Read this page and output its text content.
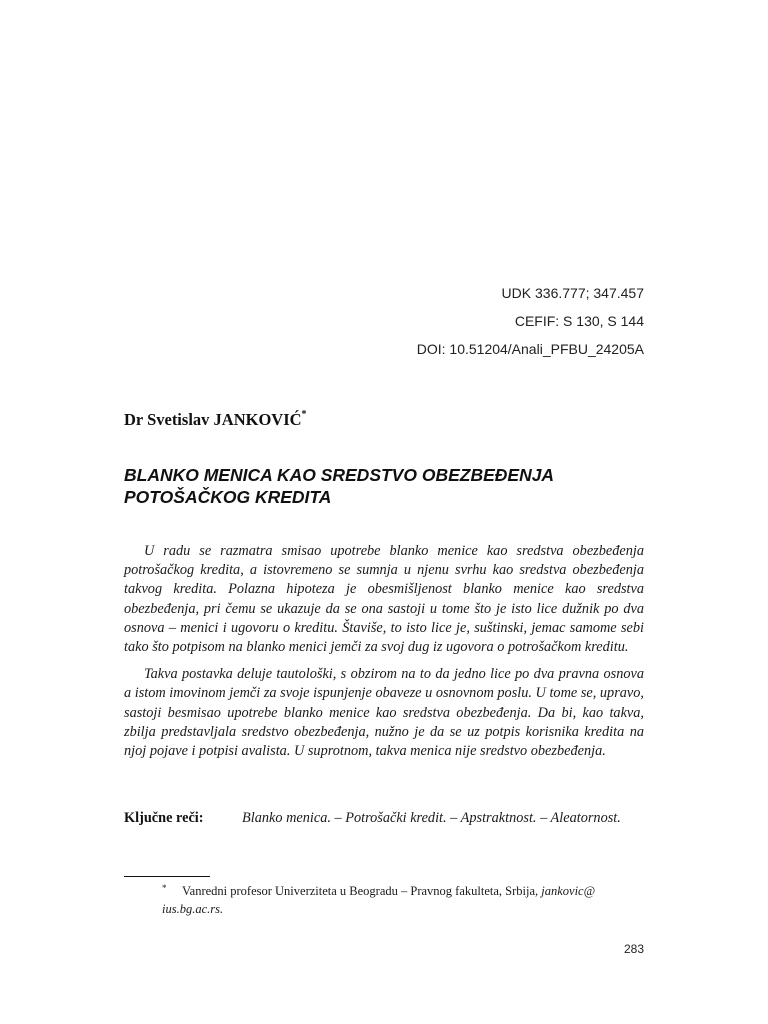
UDK 336.777; 347.457
CEFIF: S 130, S 144
DOI: 10.51204/Anali_PFBU_24205A
Dr Svetislav JANKOVIĆ*
BLANKO MENICA KAO SREDSTVO OBEZBEĐENJA
POTOŠAČKOG KREDITA

U radu se razmatra smisao upotrebe blanko menice kao sredstva obezbeđenja potrošačkog kredita, a istovremeno se sumnja u njenu svrhu kao sredstva obezbeđenja takvog kredita. Polazna hipoteza je obesmišljenost blanko menice kao sredstva obezbeđenja, pri čemu se ukazuje da se ona sastoji u tome što je isto lice dužnik po dva osnova – menici i ugovoru o kreditu. Štaviše, to isto lice je, suštinski, jemac samome sebi tako što potpisom na blanko menici jemči za svoj dug iz ugovora o potrošačkom kreditu.

Takva postavka deluje tautološki, s obzirom na to da jedno lice po dva pravna osnova a istom imovinom jemči za svoje ispunjenje obaveze u osnovnom poslu. U tome se, upravo, sastoji besmisao upotrebe blanko menice kao sredstva obezbeđenja. Da bi, kao takva, zbilja predstavljala sredstvo obezbeđenja, nužno je da se uz potpis korisnika kredita na njoj pojave i potpisi avalista. U suprotnom, takva menica nije sredstvo obezbeđenja.

Ključne reči:	Blanko menica. – Potrošački kredit. – Apstraktnost. – Aleatornost.
*	Vanredni profesor Univerziteta u Beogradu – Pravnog fakulteta, Srbija, jankovic@
ius.bg.ac.rs.
283
